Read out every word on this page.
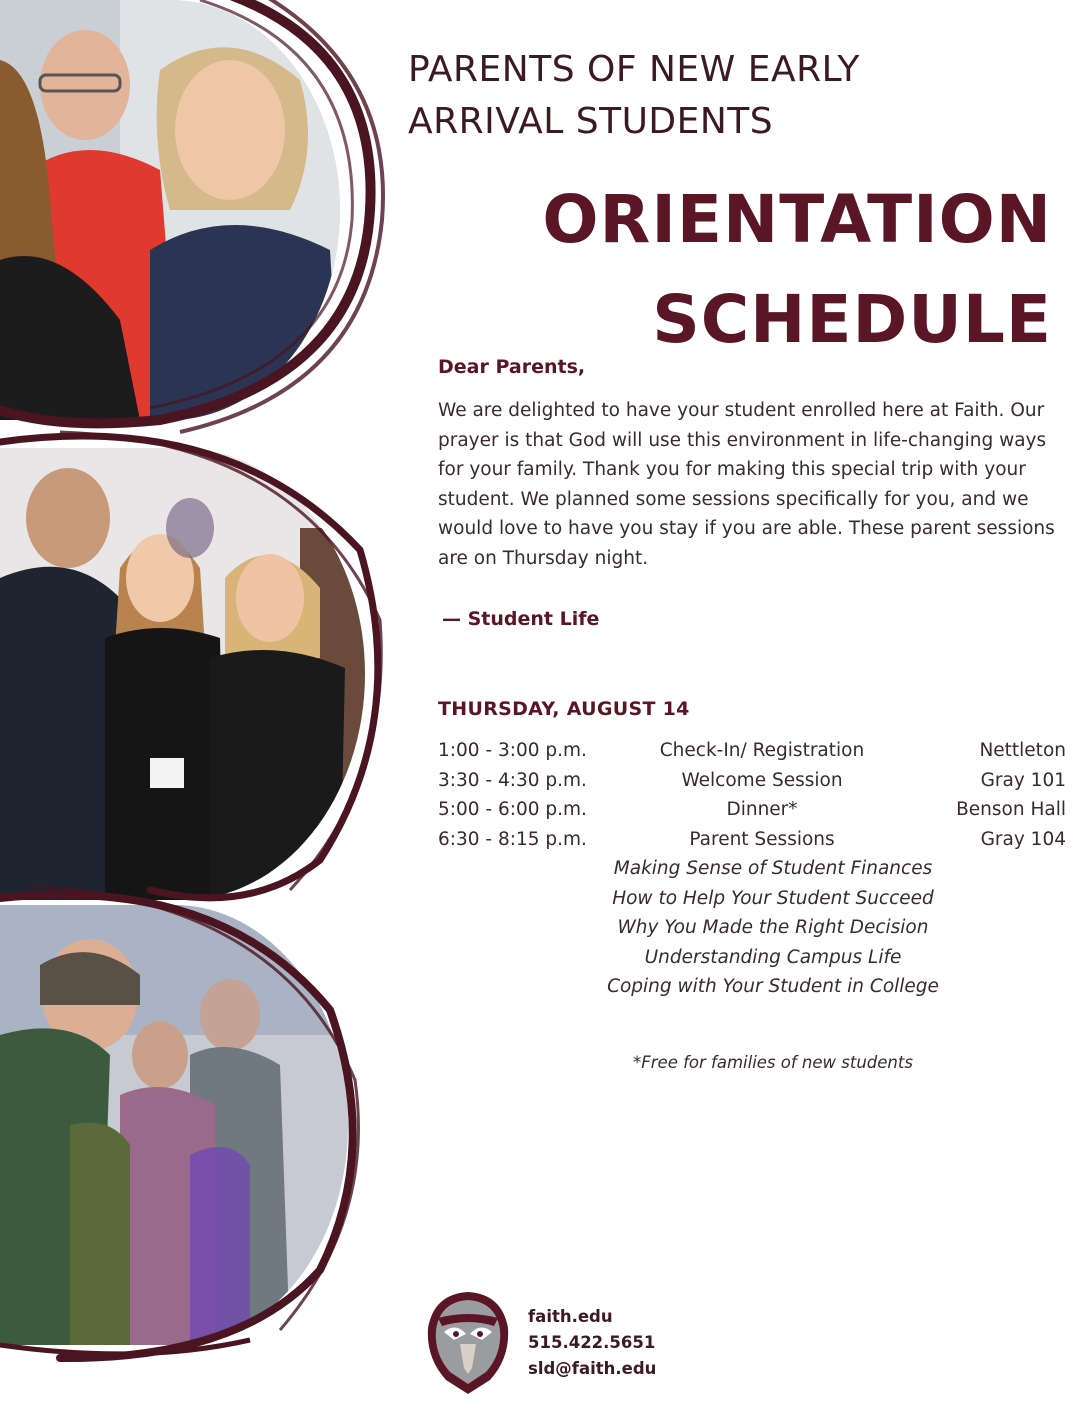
PARENTS OF NEW EARLY
ARRIVAL STUDENTS
ORIENTATION
SCHEDULE
Dear Parents,

We are delighted to have your student enrolled here at Faith. Our prayer is that God will use this environment in life-changing ways for your family. Thank you for making this special trip with your student. We planned some sessions specifically for you, and we would love to have you stay if you are able. These parent sessions are on Thursday night.

— Student Life
THURSDAY, AUGUST 14
1:00 - 3:00 p.m.	Check-In/ Registration	Nettleton
3:30 - 4:30 p.m.	Welcome Session	Gray 101
5:00 - 6:00 p.m.	Dinner*	Benson Hall
6:30 - 8:15 p.m.	Parent Sessions	Gray 104
Making Sense of Student Finances
How to Help Your Student Succeed
Why You Made the Right Decision
Understanding Campus Life
Coping with Your Student in College
*Free for families of new students
faith.edu
515.422.5651
sld@faith.edu
